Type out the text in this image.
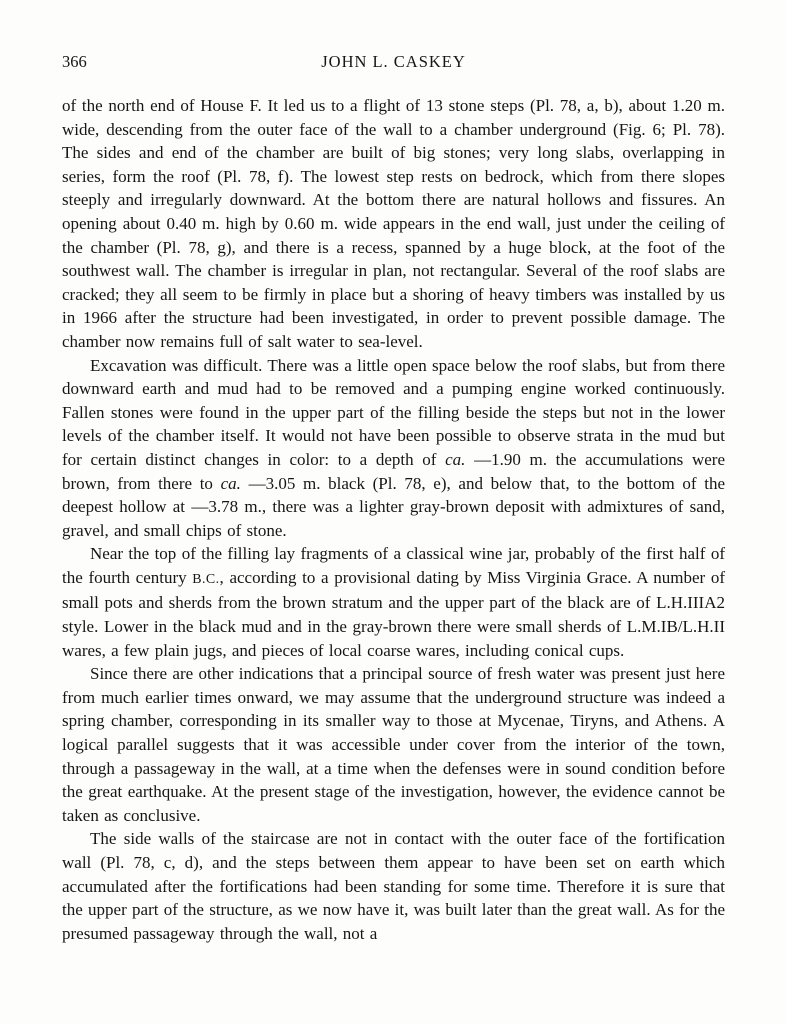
366	JOHN L. CASKEY

of the north end of House F. It led us to a flight of 13 stone steps (Pl. 78, a, b), about 1.20 m. wide, descending from the outer face of the wall to a chamber underground (Fig. 6; Pl. 78). The sides and end of the chamber are built of big stones; very long slabs, overlapping in series, form the roof (Pl. 78, f). The lowest step rests on bedrock, which from there slopes steeply and irregularly downward. At the bottom there are natural hollows and fissures. An opening about 0.40 m. high by 0.60 m. wide appears in the end wall, just under the ceiling of the chamber (Pl. 78, g), and there is a recess, spanned by a huge block, at the foot of the southwest wall. The chamber is irregular in plan, not rectangular. Several of the roof slabs are cracked; they all seem to be firmly in place but a shoring of heavy timbers was installed by us in 1966 after the structure had been investigated, in order to prevent possible damage. The chamber now remains full of salt water to sea-level.

Excavation was difficult. There was a little open space below the roof slabs, but from there downward earth and mud had to be removed and a pumping engine worked continuously. Fallen stones were found in the upper part of the filling beside the steps but not in the lower levels of the chamber itself. It would not have been possible to observe strata in the mud but for certain distinct changes in color: to a depth of ca. —1.90 m. the accumulations were brown, from there to ca. —3.05 m. black (Pl. 78, e), and below that, to the bottom of the deepest hollow at —3.78 m., there was a lighter gray-brown deposit with admixtures of sand, gravel, and small chips of stone.

Near the top of the filling lay fragments of a classical wine jar, probably of the first half of the fourth century B.C., according to a provisional dating by Miss Virginia Grace. A number of small pots and sherds from the brown stratum and the upper part of the black are of L.H.IIIA2 style. Lower in the black mud and in the gray-brown there were small sherds of L.M.IB/L.H.II wares, a few plain jugs, and pieces of local coarse wares, including conical cups.

Since there are other indications that a principal source of fresh water was present just here from much earlier times onward, we may assume that the underground structure was indeed a spring chamber, corresponding in its smaller way to those at Mycenae, Tiryns, and Athens. A logical parallel suggests that it was accessible under cover from the interior of the town, through a passageway in the wall, at a time when the defenses were in sound condition before the great earthquake. At the present stage of the investigation, however, the evidence cannot be taken as conclusive.

The side walls of the staircase are not in contact with the outer face of the fortification wall (Pl. 78, c, d), and the steps between them appear to have been set on earth which accumulated after the fortifications had been standing for some time. Therefore it is sure that the upper part of the structure, as we now have it, was built later than the great wall. As for the presumed passageway through the wall, not a
